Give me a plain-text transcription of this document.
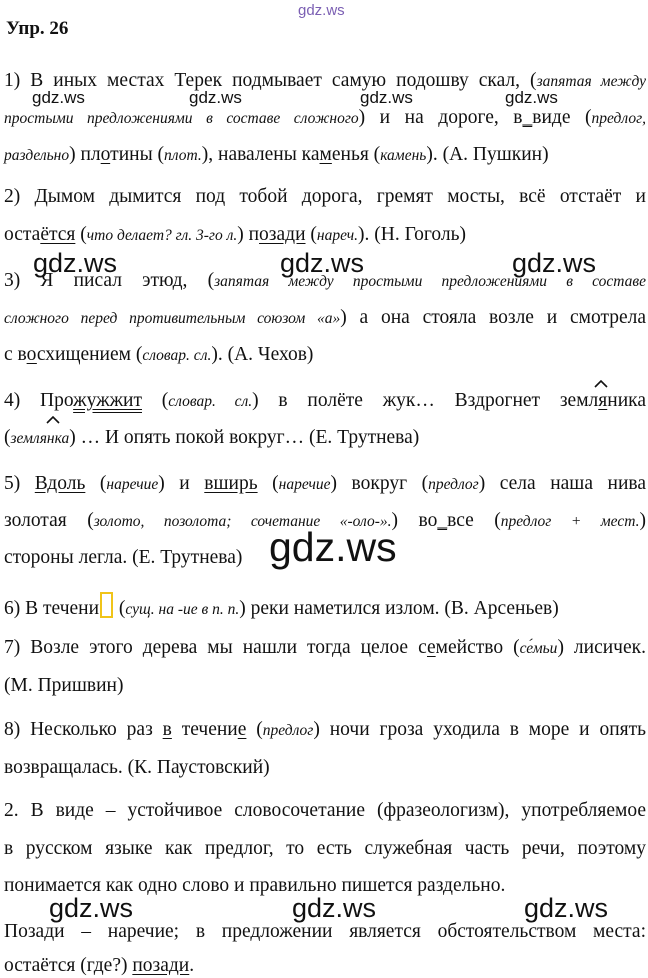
gdz.ws
gdz.ws	gdz.ws	gdz.ws	gdz.ws
gdz.ws	gdz.ws	gdz.ws
gdz.ws
gdz.ws	gdz.ws	gdz.ws
Упр. 26
1) В иных местах Терек подмывает самую подошву скал, (запятая между
простыми предложениями в составе сложного) и на дороге, в_виде (предлог,
раздельно) плотины (плот.), навалены каменья (камень). (А. Пушкин)
2) Дымом дымится под тобой дорога, гремят мосты, всё отстаёт и
остаётся (что делает? гл. 3-го л.) позади (нареч.). (Н. Гоголь)
3) Я писал этюд, (запятая между простыми предложениями в составе
сложного перед противительным союзом «а») а она стояла возле и смотрела
с восхищением (словар. сл.). (А. Чехов)
4) Прожужжит (словар. сл.) в полёте жук… Вздрогнет земляника
(землянка) … И опять покой вокруг… (Е. Трутнева)
5) Вдоль (наречие) и вширь (наречие) вокруг (предлог) села наша нива
золотая (золото, позолота; сочетание «-оло-».) во_все (предлог + мест.)
стороны легла. (Е. Трутнева)
6) В течени (сущ. на -ие в п. п.) реки наметился излом. (В. Арсеньев)
7) Возле этого дерева мы нашли тогда целое семейство (се́мьи) лисичек.
(М. Пришвин)
8) Несколько раз в течение (предлог) ночи гроза уходила в море и опять
возвращалась. (К. Паустовский)
2. В виде – устойчивое словосочетание (фразеологизм), употребляемое
в русском языке как предлог, то есть служебная часть речи, поэтому
понимается как одно слово и правильно пишется раздельно.
Позади – наречие; в предложении является обстоятельством места:
остаётся (где?) позади.
